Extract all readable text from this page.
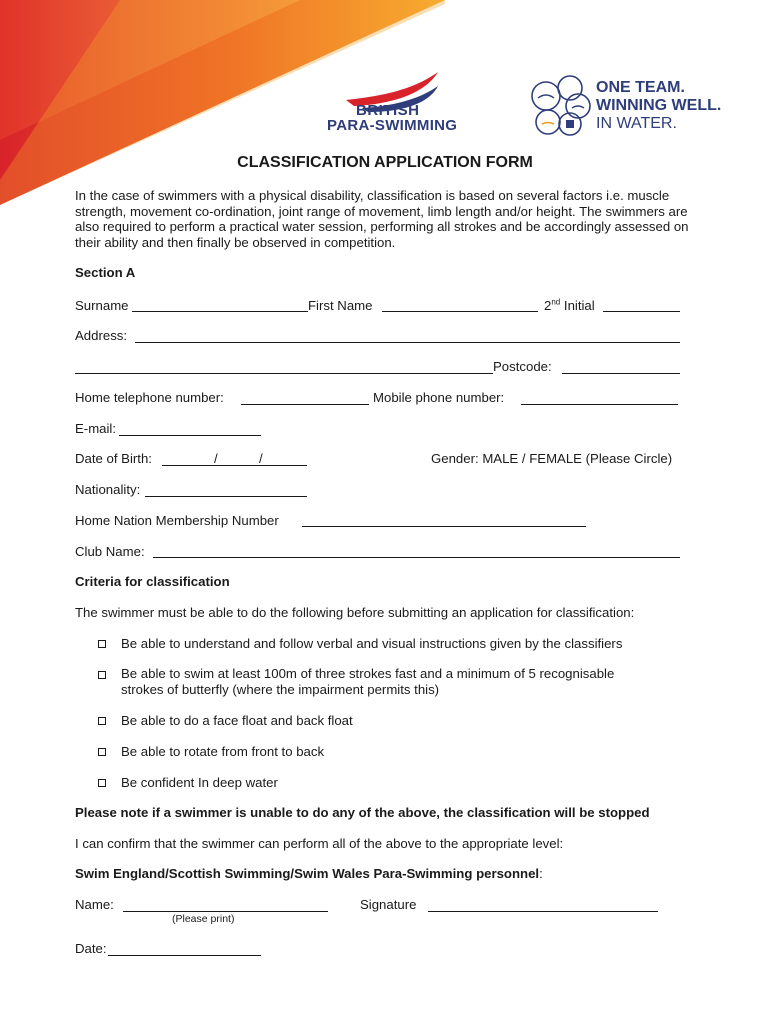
BRITISH
PARA-SWIMMING
ONE TEAM.
WINNING WELL.
IN WATER.
CLASSIFICATION APPLICATION FORM
In the case of swimmers with a physical disability, classification is based on several factors i.e. muscle strength, movement co-ordination, joint range of movement, limb length and/or height. The swimmers are also required to perform a practical water session, performing all strokes and be accordingly assessed on their ability and then finally be observed in competition.
Section A
Surname	First Name	2nd Initial
Address:
Postcode:
Home telephone number:	Mobile phone number:
E-mail:
Date of Birth:	/	/	Gender: MALE / FEMALE (Please Circle)
Nationality:
Home Nation Membership Number
Club Name:
Criteria for classification
The swimmer must be able to do the following before submitting an application for classification:
Be able to understand and follow verbal and visual instructions given by the classifiers
Be able to swim at least 100m of three strokes fast and a minimum of 5 recognisable
strokes of butterfly (where the impairment permits this)
Be able to do a face float and back float
Be able to rotate from front to back
Be confident In deep water
Please note if a swimmer is unable to do any of the above, the classification will be stopped
I can confirm that the swimmer can perform all of the above to the appropriate level:
Swim England/Scottish Swimming/Swim Wales Para-Swimming personnel:
Name:
(Please print)
Signature
Date:
